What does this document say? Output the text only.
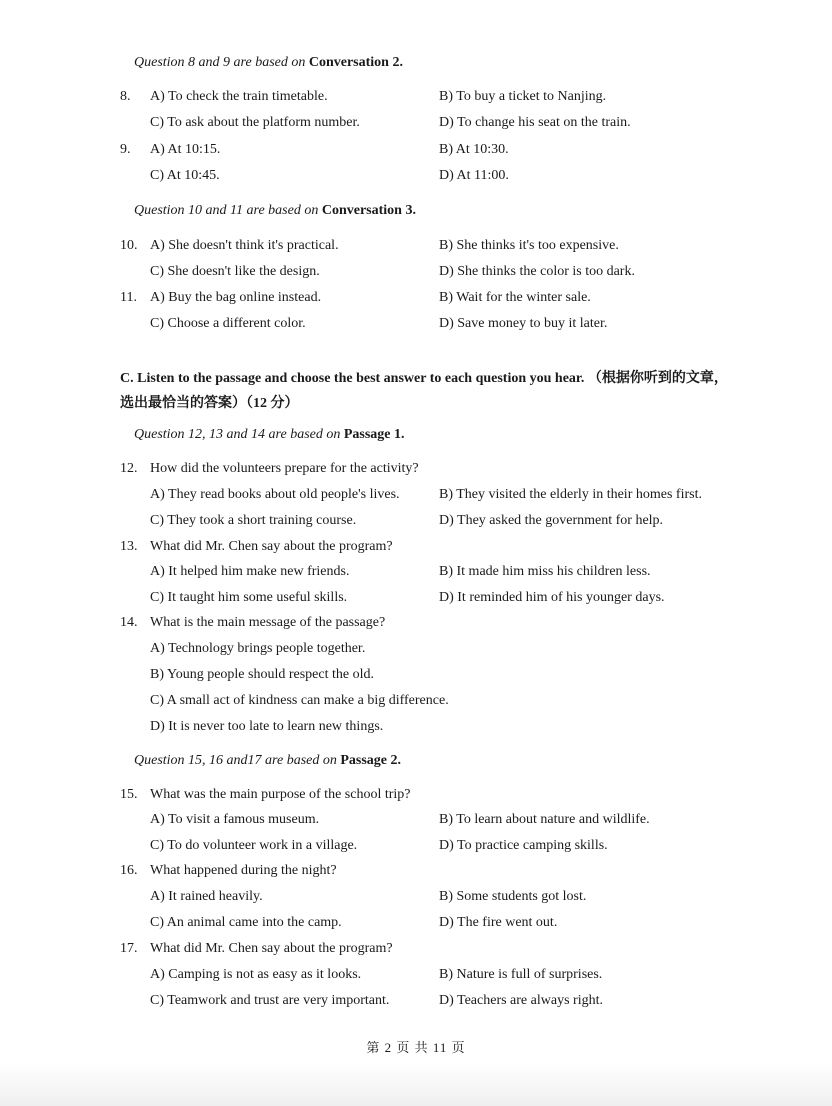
Question 8 and 9 are based on Conversation 2.
8. A) To check the train timetable.	B) To buy a ticket to Nanjing.
C) To ask about the platform number.	D) To change his seat on the train.
9. A) At 10:15.	B) At 10:30.
C) At 10:45.	D) At 11:00.
Question 10 and 11 are based on Conversation 3.
10. A) She doesn't think it's practical.	B) She thinks it's too expensive.
C) She doesn't like the design.	D) She thinks the color is too dark.
11. A) Buy the bag online instead.	B) Wait for the winter sale.
C) Choose a different color.	D) Save money to buy it later.
C. Listen to the passage and choose the best answer to each question you hear. （根据你听到的文章，
选出最恰当的答案）（12 分）
Question 12, 13 and 14 are based on Passage 1.
12. How did the volunteers prepare for the activity?
A) They read books about old people's lives.	B) They visited the elderly in their homes first.
C) They took a short training course.	D) They asked the government for help.
13. What did Mr. Chen say about the program?
A) It helped him make new friends.	B) It made him miss his children less.
C) It taught him some useful skills.	D) It reminded him of his younger days.
14. What is the main message of the passage?
A) Technology brings people together.
B) Young people should respect the old.
C) A small act of kindness can make a big difference.
D) It is never too late to learn new things.
Question 15, 16 and17 are based on Passage 2.
15. What was the main purpose of the school trip?
A) To visit a famous museum.	B) To learn about nature and wildlife.
C) To do volunteer work in a village.	D) To practice camping skills.
16. What happened during the night?
A) It rained heavily.	B) Some students got lost.
C) An animal came into the camp.	D) The fire went out.
17. What did Mr. Chen say about the program?
A) Camping is not as easy as it looks.	B) Nature is full of surprises.
C) Teamwork and trust are very important.	D) Teachers are always right.
第 2 页 共 11 页
